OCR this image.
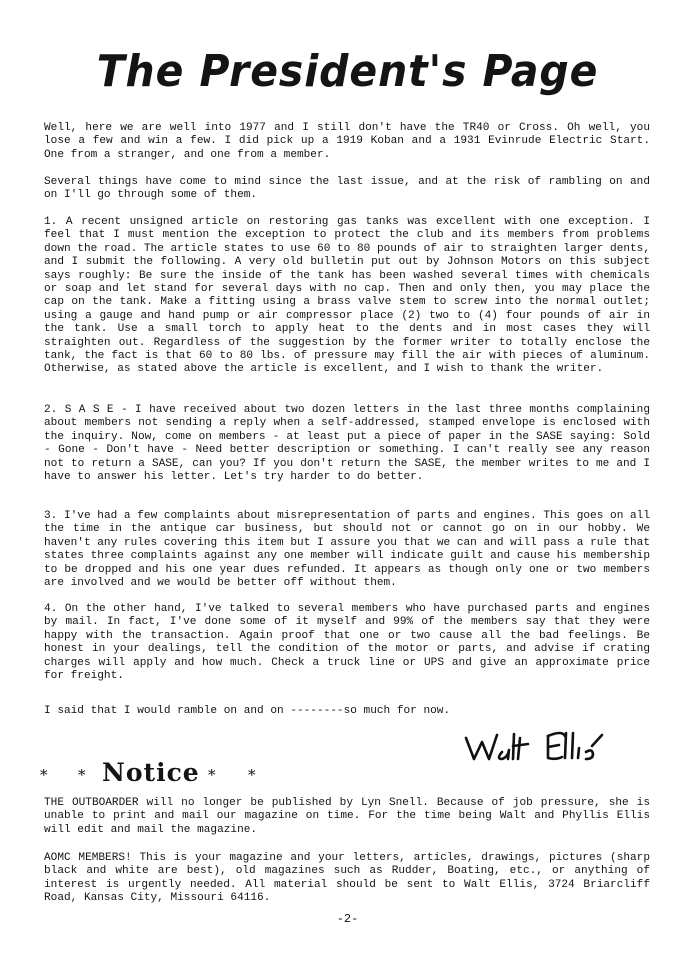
The President's Page
Well, here we are well into 1977 and I still don't have the TR40 or Cross. Oh well, you lose a few and win a few. I did pick up a 1919 Koban and a 1931 Evinrude Electric Start. One from a stranger, and one from a member.
Several things have come to mind since the last issue, and at the risk of rambling on and on I'll go through some of them.
1. A recent unsigned article on restoring gas tanks was excellent with one exception. I feel that I must mention the exception to protect the club and its members from problems down the road. The article states to use 60 to 80 pounds of air to straighten larger dents, and I submit the following. A very old bulletin put out by Johnson Motors on this subject says roughly: Be sure the inside of the tank has been washed several times with chemicals or soap and let stand for several days with no cap. Then and only then, you may place the cap on the tank. Make a fitting using a brass valve stem to screw into the normal outlet; using a gauge and hand pump or air compressor place (2) two to (4) four pounds of air in the tank. Use a small torch to apply heat to the dents and in most cases they will straighten out. Regardless of the suggestion by the former writer to totally enclose the tank, the fact is that 60 to 80 lbs. of pressure may fill the air with pieces of aluminum. Otherwise, as stated above the article is excellent, and I wish to thank the writer.
2. S A S E - I have received about two dozen letters in the last three months complaining about members not sending a reply when a self-addressed, stamped envelope is enclosed with the inquiry. Now, come on members - at least put a piece of paper in the SASE saying: Sold - Gone - Don't have - Need better description or something. I can't really see any reason not to return a SASE, can you? If you don't return the SASE, the member writes to me and I have to answer his letter. Let's try harder to do better.
3. I've had a few complaints about misrepresentation of parts and engines. This goes on all the time in the antique car business, but should not or cannot go on in our hobby. We haven't any rules covering this item but I assure you that we can and will pass a rule that states three complaints against any one member will indicate guilt and cause his membership to be dropped and his one year dues refunded. It appears as though only one or two members are involved and we would be better off without them.
4. On the other hand, I've talked to several members who have purchased parts and engines by mail. In fact, I've done some of it myself and 99% of the members say that they were happy with the transaction. Again proof that one or two cause all the bad feelings. Be honest in your dealings, tell the condition of the motor or parts, and advise if crating charges will apply and how much. Check a truck line or UPS and give an approximate price for freight.
I said that I would ramble on and on --------so much for now.
* * Notice * *
THE OUTBOARDER will no longer be published by Lyn Snell. Because of job pressure, she is unable to print and mail our magazine on time. For the time being Walt and Phyllis Ellis will edit and mail the magazine.
AOMC MEMBERS! This is your magazine and your letters, articles, drawings, pictures (sharp black and white are best), old magazines such as Rudder, Boating, etc., or anything of interest is urgently needed. All material should be sent to Walt Ellis, 3724 Briarcliff Road, Kansas City, Missouri 64116.
-2-
